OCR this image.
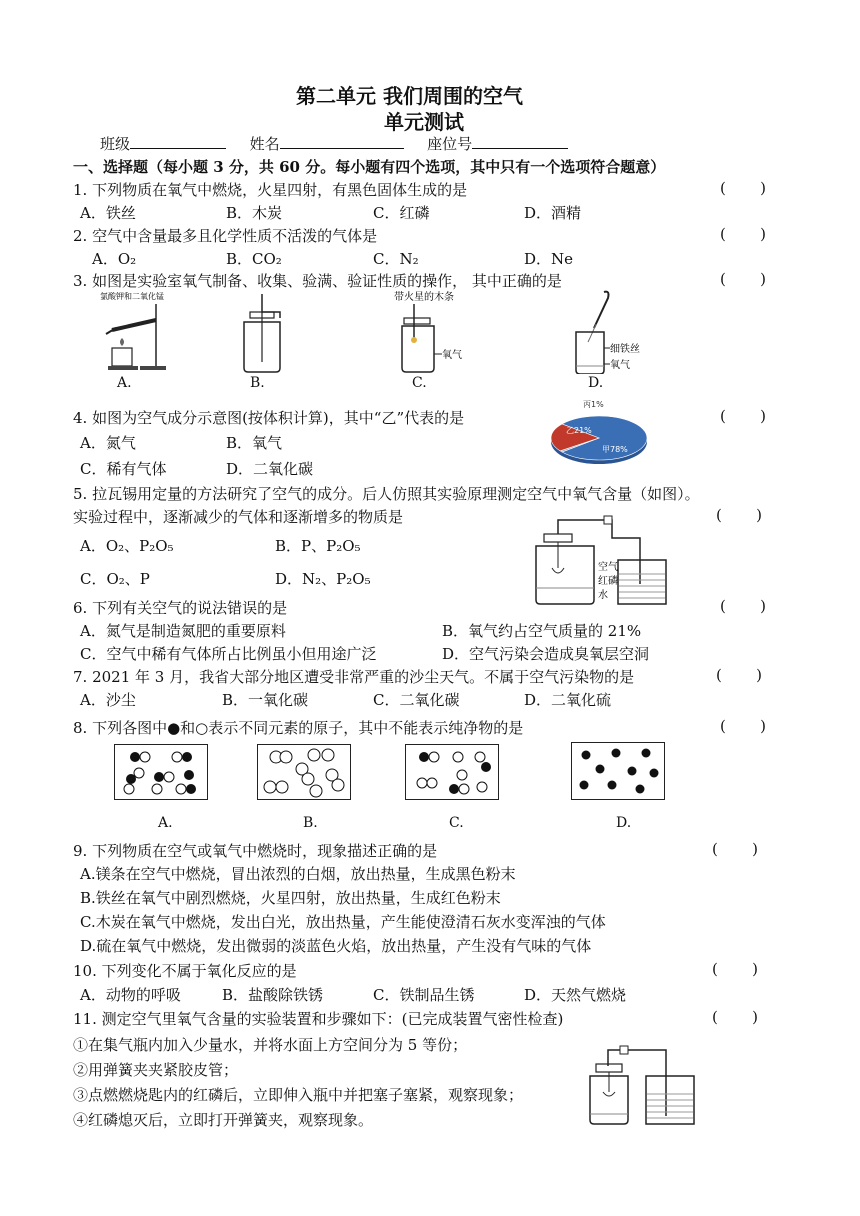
第二单元 我们周围的空气
单元测试
班级	姓名	座位号
一、选择题（每小题 3 分，共 60 分。每小题有四个选项，其中只有一个选项符合题意）
1. 下列物质在氧气中燃烧，火星四射，有黑色固体生成的是	( )
A．铁丝	B．木炭	C．红磷	D．酒精
2. 空气中含量最多且化学性质不活泼的气体是	( )
A．O₂	B．CO₂	C．N₂	D．Ne
3. 如图是实验室氧气制备、收集、验满、验证性质的操作， 其中正确的是	( )
氯酸钾和二氧化锰
A.	B.
带火星的木条
氧气
C.
细铁丝
氧气
D.
4. 如图为空气成分示意图(按体积计算)，其中“乙”代表的是	( )
A．氮气	B．氧气
C．稀有气体	D．二氧化碳
丙1%
乙21%
甲78%
5. 拉瓦锡用定量的方法研究了空气的成分。后人仿照其实验原理测定空气中氧气含量（如图）。
实验过程中，逐渐减少的气体和逐渐增多的物质是	( )
A．O₂、P₂O₅	B．P、P₂O₅
C．O₂、P	D．N₂、P₂O₅
空气
红磷
水
6. 下列有关空气的说法错误的是	( )
A．氮气是制造氮肥的重要原料	B．氧气约占空气质量的 21%
C．空气中稀有气体所占比例虽小但用途广泛	D．空气污染会造成臭氧层空洞
7. 2021 年 3 月，我省大部分地区遭受非常严重的沙尘天气。不属于空气污染物的是	( )
A．沙尘	B．一氧化碳	C．二氧化碳	D．二氧化硫
8. 下列各图中●和○表示不同元素的原子，其中不能表示纯净物的是	( )
A.	B.	C.	D.
9. 下列物质在空气或氧气中燃烧时，现象描述正确的是	( )
A.镁条在空气中燃烧，冒出浓烈的白烟，放出热量，生成黑色粉末
B.铁丝在氧气中剧烈燃烧，火星四射，放出热量，生成红色粉末
C.木炭在氧气中燃烧，发出白光，放出热量，产生能使澄清石灰水变浑浊的气体
D.硫在氧气中燃烧，发出微弱的淡蓝色火焰，放出热量，产生没有气味的气体
10. 下列变化不属于氧化反应的是	( )
A．动物的呼吸	B．盐酸除铁锈	C．铁制品生锈	D．天然气燃烧
11. 测定空气里氧气含量的实验装置和步骤如下：(已完成装置气密性检查)	( )
①在集气瓶内加入少量水，并将水面上方空间分为 5 等份；
②用弹簧夹夹紧胶皮管；
③点燃燃烧匙内的红磷后，立即伸入瓶中并把塞子塞紧，观察现象；
④红磷熄灭后，立即打开弹簧夹，观察现象。
